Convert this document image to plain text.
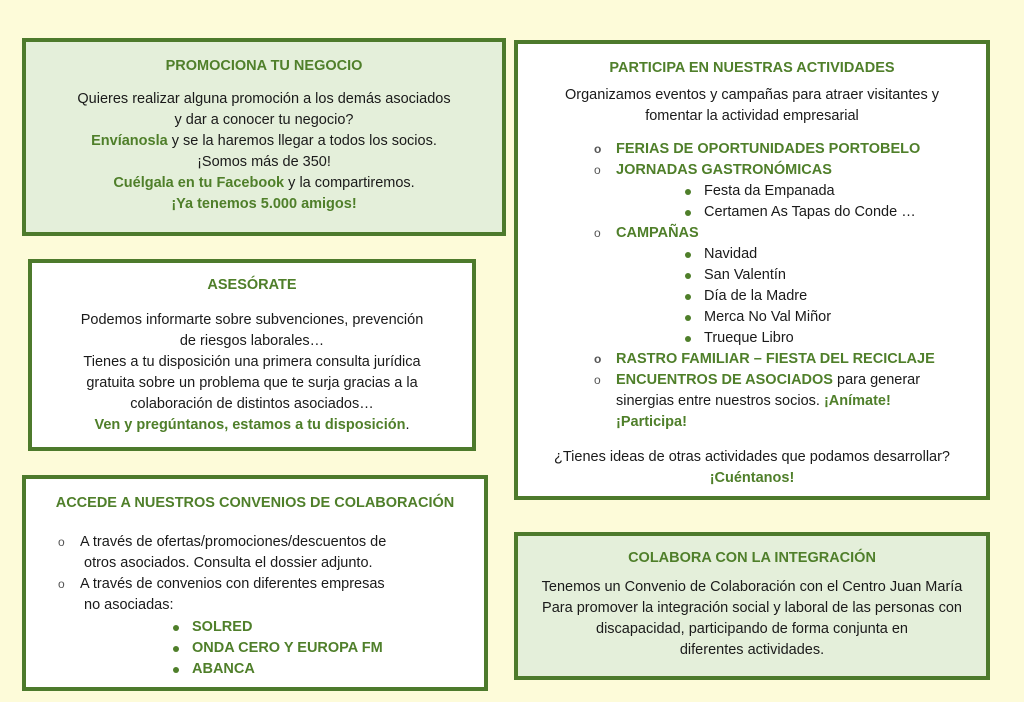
PROMOCIONA TU NEGOCIO
Quieres realizar alguna promoción a los demás asociados
y dar a conocer tu negocio?
Envíanosla y se la haremos llegar a todos los socios.
¡Somos más de 350!
Cuélgala en tu Facebook y la compartiremos.
¡Ya tenemos 5.000 amigos!
ASESÓRATE
Podemos informarte sobre subvenciones, prevención
de riesgos laborales…
Tienes a tu disposición una primera consulta jurídica
gratuita sobre un problema que te surja gracias a la
colaboración de distintos asociados…
Ven y pregúntanos, estamos a tu disposición.
ACCEDE A NUESTROS CONVENIOS DE COLABORACIÓN
o A través de ofertas/promociones/descuentos de
otros asociados. Consulta el dossier adjunto.
o A través de convenios con diferentes empresas
no asociadas:
SOLRED
ONDA CERO Y EUROPA FM
ABANCA
PARTICIPA EN NUESTRAS ACTIVIDADES
Organizamos eventos y campañas para atraer visitantes y
fomentar la actividad empresarial
o FERIAS DE OPORTUNIDADES PORTOBELO
o JORNADAS GASTRONÓMICAS
Festa da Empanada
Certamen As Tapas do Conde …
o CAMPAÑAS
Navidad
San Valentín
Día de la Madre
Merca No Val Miñor
Trueque Libro
o RASTRO FAMILIAR – FIESTA DEL RECICLAJE
o ENCUENTROS DE ASOCIADOS para generar
sinergias entre nuestros socios. ¡Anímate!
¡Participa!
¿Tienes ideas de otras actividades que podamos desarrollar?
¡Cuéntanos!
COLABORA CON LA INTEGRACIÓN
Tenemos un Convenio de Colaboración con el Centro Juan María
Para promover la integración social y laboral de las personas con
discapacidad, participando de forma conjunta en
diferentes actividades.
